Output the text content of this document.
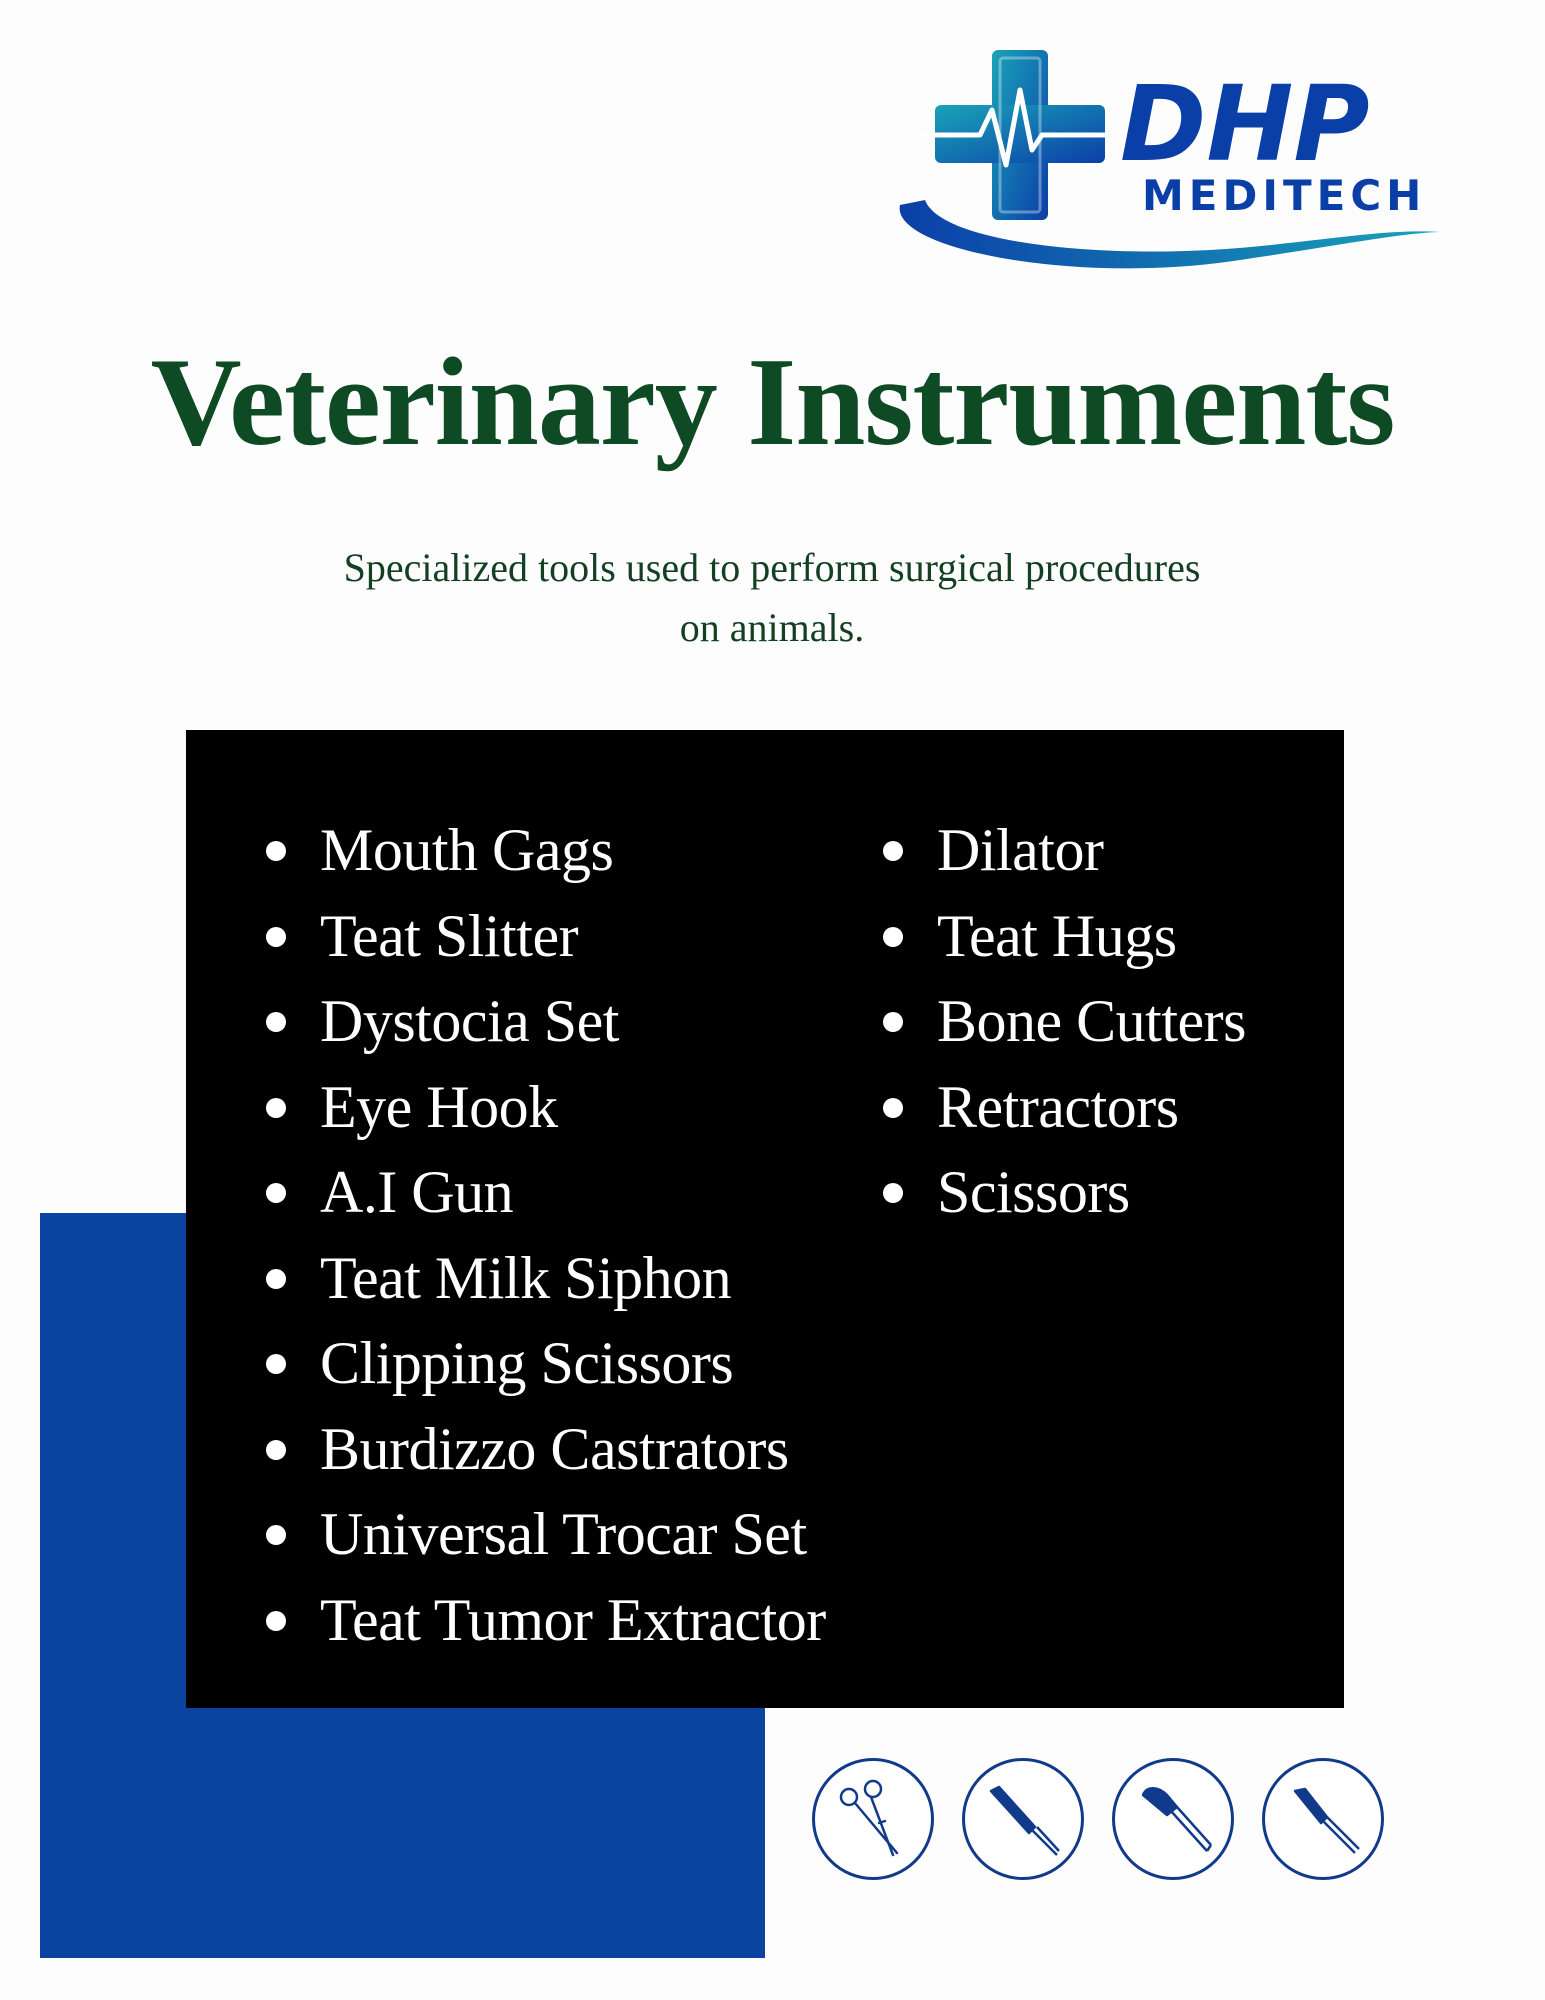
DHP
MEDITECH
Veterinary Instruments
Specialized tools used to perform surgical procedures
on animals.
Mouth Gags
Teat Slitter
Dystocia Set
Eye Hook
A.I Gun
Teat Milk Siphon
Clipping Scissors
Burdizzo Castrators
Universal Trocar Set
Teat Tumor Extractor
Dilator
Teat Hugs
Bone Cutters
Retractors
Scissors
